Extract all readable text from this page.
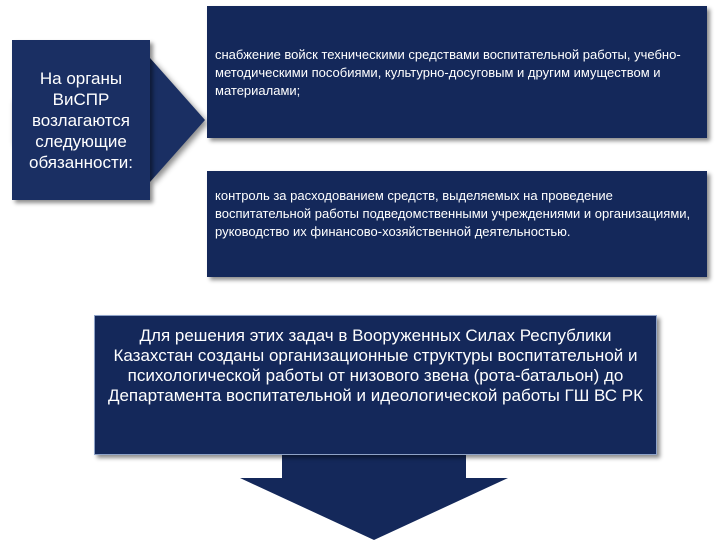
На органы ВиСПР возлагаются следующие обязанности:
снабжение войск техническими средствами воспитательной работы, учебно-методическими пособиями, культурно-досуговым и другим имуществом и материалами;
контроль за расходованием средств, выделяемых на проведение воспитательной работы подведомственными учреждениями и организациями, руководство их финансово-хозяйственной деятельностью.
Для решения этих задач в Вооруженных Силах Республики Казахстан созданы организационные структуры воспитательной и психологической работы от низового звена (рота-батальон) до Департамента воспитательной и идеологической работы ГШ ВС РК
